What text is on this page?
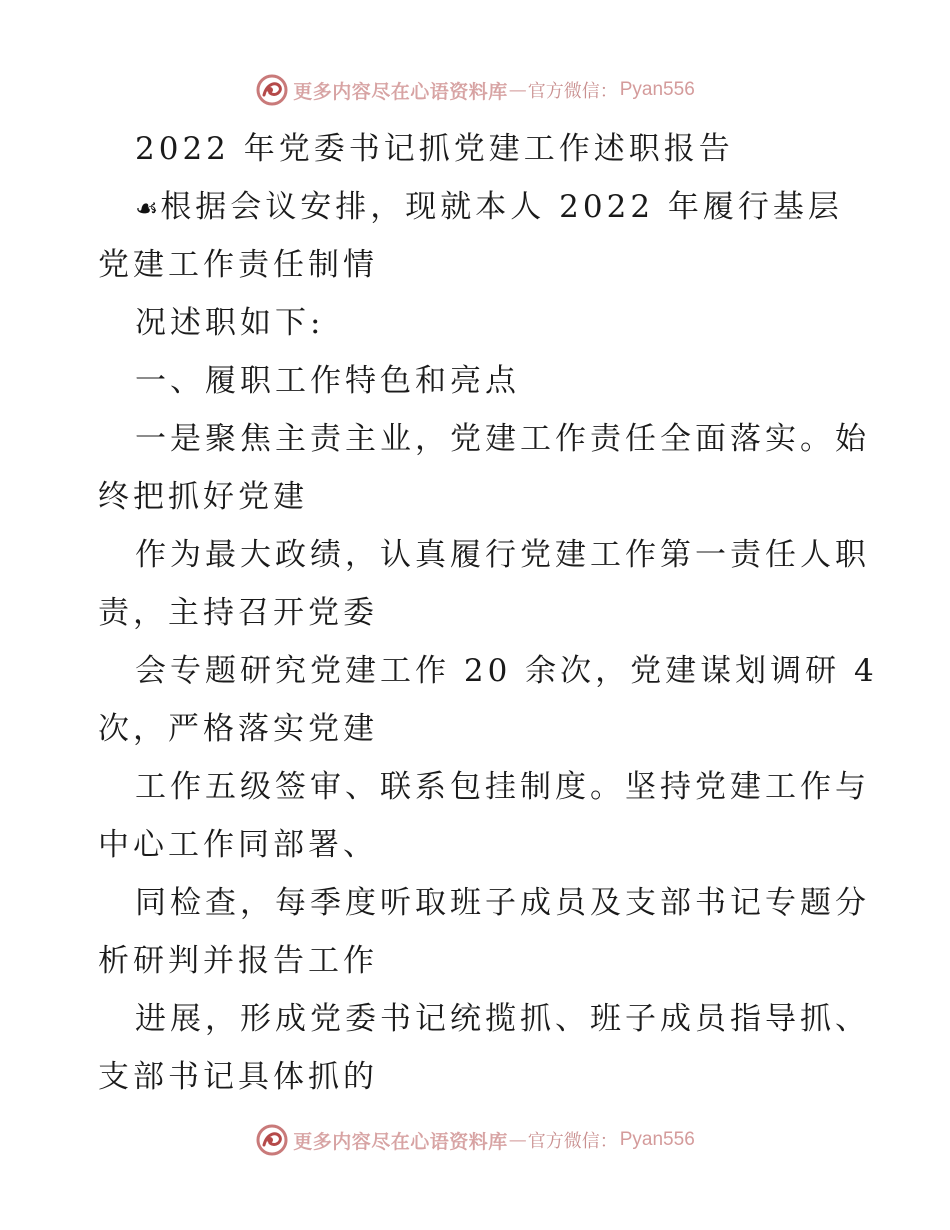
更多内容尽在心语资料库 — 官方微信： Pyan556
2022 年党委书记抓党建工作述职报告
☙根据会议安排，现就本人 2022 年履行基层
党建工作责任制情
况述职如下:
一、履职工作特色和亮点
一是聚焦主责主业，党建工作责任全面落实。始
终把抓好党建
作为最大政绩，认真履行党建工作第一责任人职
责，主持召开党委
会专题研究党建工作 20 余次，党建谋划调研 4
次，严格落实党建
工作五级签审、联系包挂制度。坚持党建工作与
中心工作同部署、
同检查，每季度听取班子成员及支部书记专题分
析研判并报告工作
进展，形成党委书记统揽抓、班子成员指导抓、
支部书记具体抓的
更多内容尽在心语资料库 — 官方微信： Pyan556
